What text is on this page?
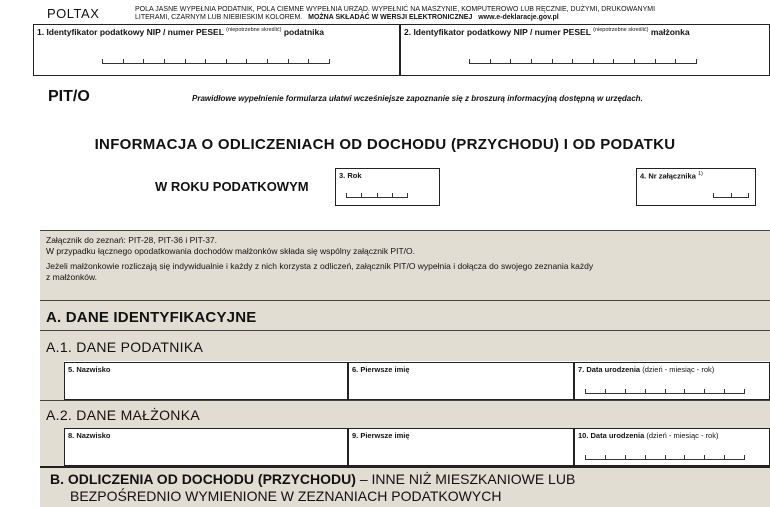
POLTAX	POLA JASNE WYPEŁNIA PODATNIK, POLA CIEMNE WYPEŁNIA URZĄD. WYPEŁNIĆ NA MASZYNIE, KOMPUTEROWO LUB RĘCZNIE, DUŻYMI, DRUKOWANYMI
LITERAMI, CZARNYM LUB NIEBIESKIM KOLOREM. MOŻNA SKŁADAĆ W WERSJI ELEKTRONICZNEJ www.e-deklaracje.gov.pl
1. Identyfikator podatkowy NIP / numer PESEL $^{(niepotrzebne skreślić)}$ podatnika	2. Identyfikator podatkowy NIP / numer PESEL $^{(niepotrzebne skreślić)}$ małżonka
PIT/O	Prawidłowe wypełnienie formularza ułatwi wcześniejsze zapoznanie się z broszurą informacyjną dostępną w urzędach.
INFORMACJA O ODLICZENIACH OD DOCHODU (PRZYCHODU) I OD PODATKU
W ROKU PODATKOWYM
3. Rok	4. Nr załącznika $^{1)}$
Załącznik do zeznań: PIT-28, PIT-36 i PIT-37.
W przypadku łącznego opodatkowania dochodów małżonków składa się wspólny załącznik PIT/O.
Jeżeli małżonkowie rozliczają się indywidualnie i każdy z nich korzysta z odliczeń, załącznik PIT/O wypełnia i dołącza do swojego zeznania każdy
z małżonków.
A. DANE IDENTYFIKACYJNE
A.1. DANE PODATNIKA
5. Nazwisko	6. Pierwsze imię	7. Data urodzenia (dzień - miesiąc - rok)
A.2. DANE MAŁŻONKA
8. Nazwisko	9. Pierwsze imię	10. Data urodzenia (dzień - miesiąc - rok)
B. ODLICZENIA OD DOCHODU (PRZYCHODU) – INNE NIŻ MIESZKANIOWE LUB
BEZPOŚREDNIO WYMIENIONE W ZEZNANIACH PODATKOWYCH
